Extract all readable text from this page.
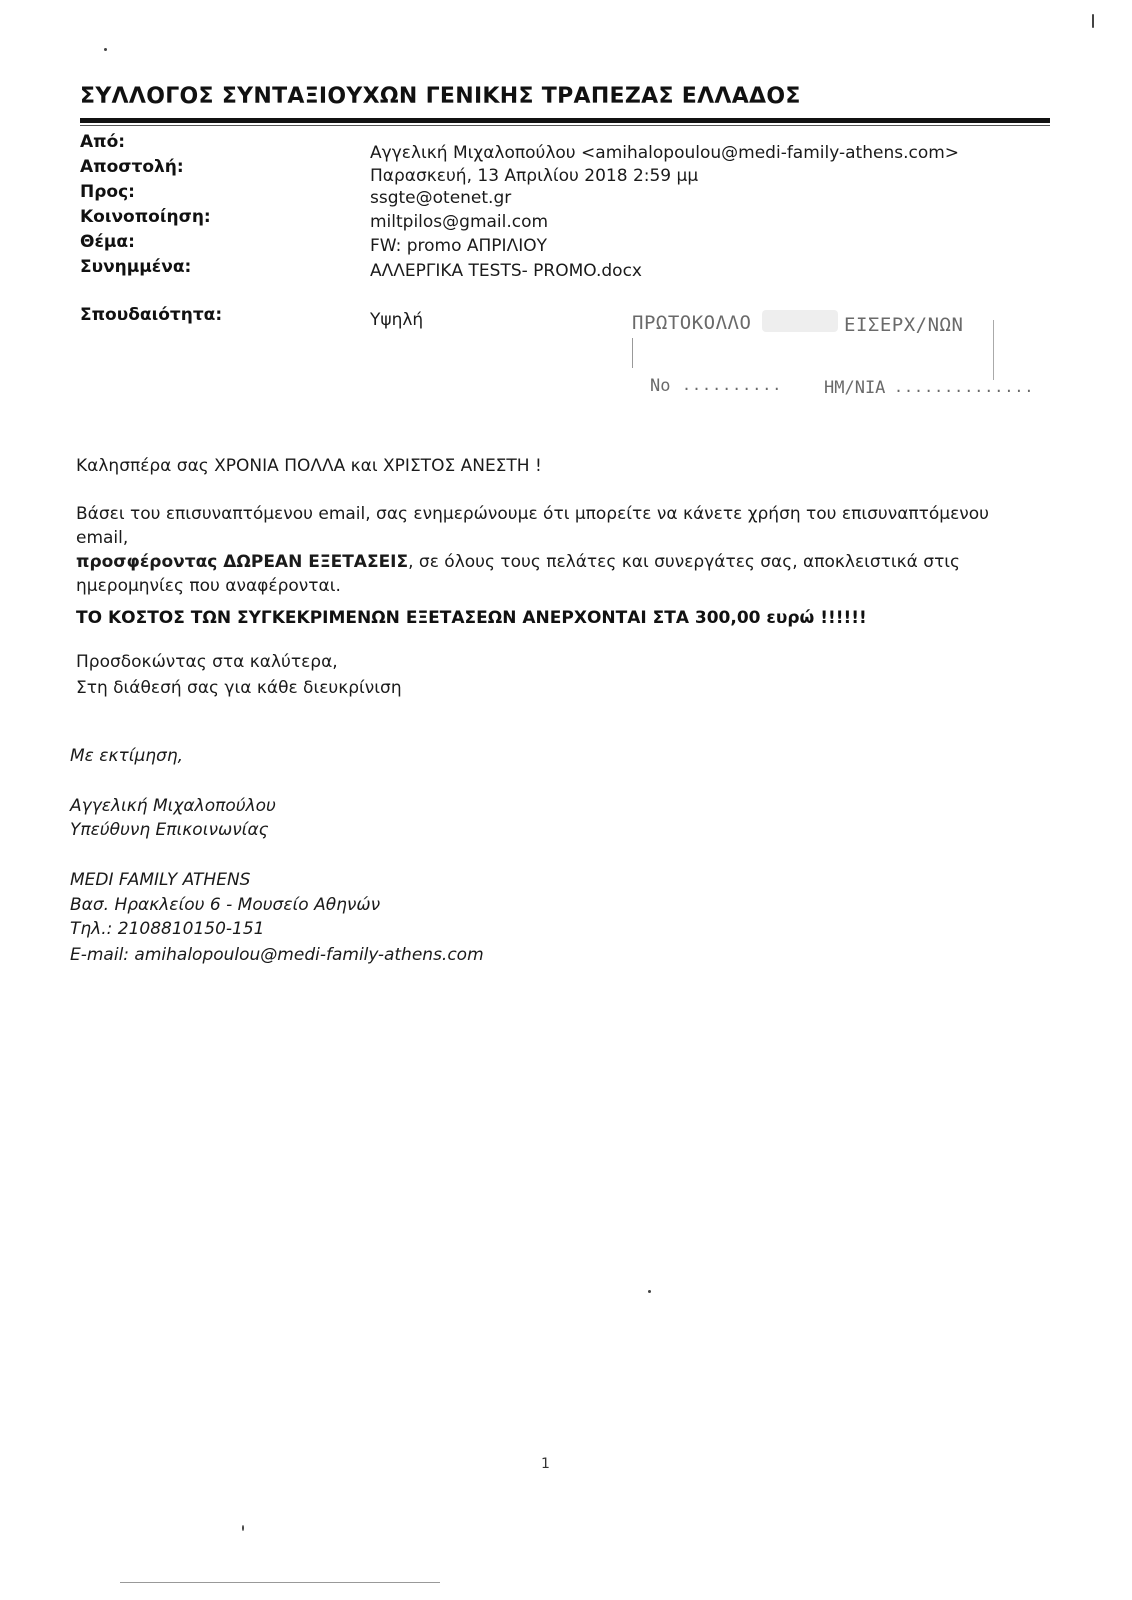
ΣΥΛΛΟΓΟΣ ΣΥΝΤΑΞΙΟΥΧΩΝ ΓΕΝΙΚΗΣ ΤΡΑΠΕΖΑΣ ΕΛΛΑΔΟΣ
Από:
Αγγελική Μιχαλοπούλου <amihalopoulou@medi-family-athens.com>
Αποστολή:	Παρασκευή, 13 Απριλίου 2018 2:59 μμ
Προς:	ssgte@otenet.gr
Κοινοποίηση:	miltpilos@gmail.com
Θέμα:	FW: promo ΑΠΡΙΛΙΟΥ
Συνημμένα:	ΑΛΛΕΡΓΙΚΑ TESTS- PROMO.docx
Σπουδαιότητα:	Υψηλή	ΠΡΩΤΟΚΟΛΛΟ	ΕΙΣΕΡΧ/ΝΩΝ
No .......... ΗΜ/ΝΙΑ ..............
Καλησπέρα σας ΧΡΟΝΙΑ ΠΟΛΛΑ και ΧΡΙΣΤΟΣ ΑΝΕΣΤΗ !
Βάσει του επισυναπτόμενου email, σας ενημερώνουμε ότι μπορείτε να κάνετε χρήση του επισυναπτόμενου email,
προσφέροντας ΔΩΡΕΑΝ ΕΞΕΤΑΣΕΙΣ, σε όλους τους πελάτες και συνεργάτες σας, αποκλειστικά στις ημερομηνίες που αναφέρονται.
ΤΟ ΚΟΣΤΟΣ ΤΩΝ ΣΥΓΚΕΚΡΙΜΕΝΩΝ ΕΞΕΤΑΣΕΩΝ ΑΝΕΡΧΟΝΤΑΙ ΣΤΑ 300,00 ευρώ !!!!!!
Προσδοκώντας στα καλύτερα,
Στη διάθεσή σας για κάθε διευκρίνιση
Με εκτίμηση,
Αγγελική Μιχαλοπούλου
Υπεύθυνη Επικοινωνίας
MEDI FAMILY ATHENS
Βασ. Ηρακλείου 6 - Μουσείο Αθηνών
Τηλ.: 2108810150-151
E-mail: amihalopoulou@medi-family-athens.com
1
